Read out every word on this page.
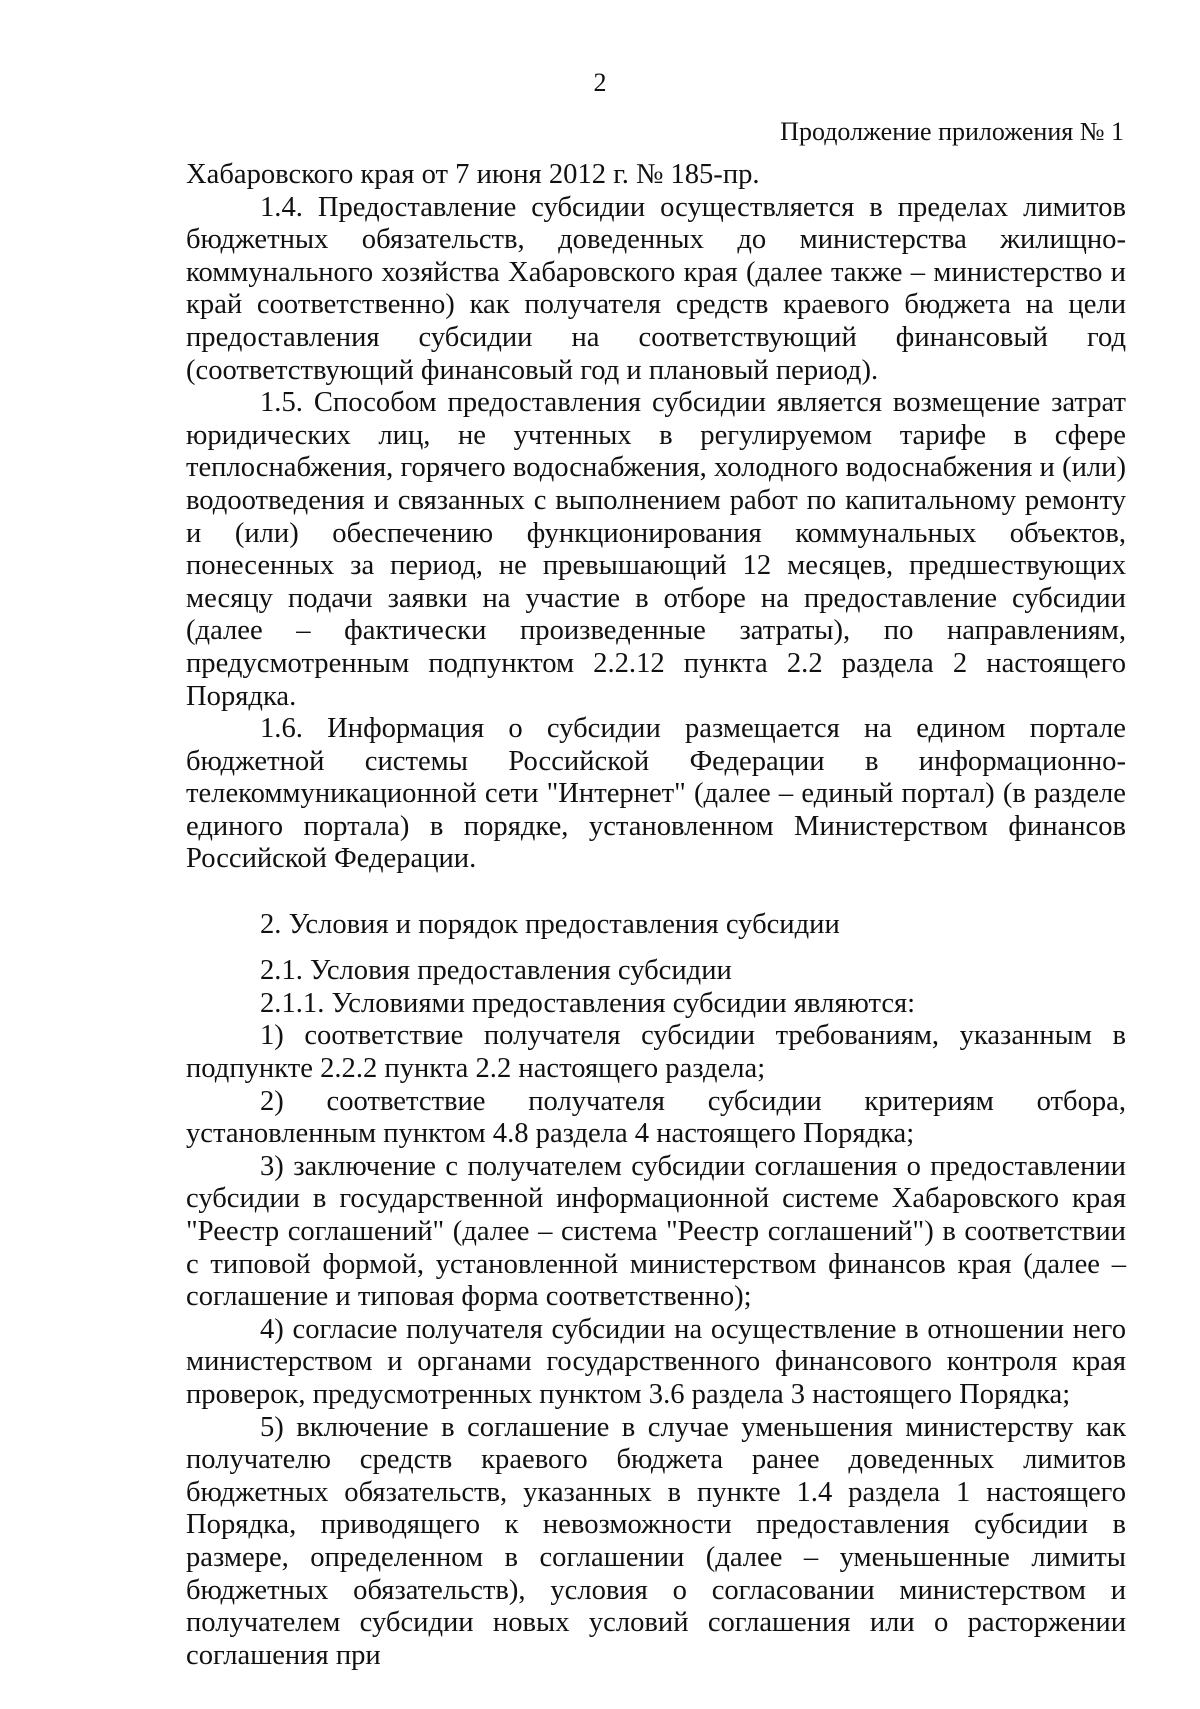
2
Продолжение приложения № 1

Хабаровского края от 7 июня 2012 г. № 185-пр.

1.4. Предоставление субсидии осуществляется в пределах лимитов бюджетных обязательств, доведенных до министерства жилищно-коммунального хозяйства Хабаровского края (далее также – министерство и край соответственно) как получателя средств краевого бюджета на цели предоставления субсидии на соответствующий финансовый год (соответствующий финансовый год и плановый период).

1.5. Способом предоставления субсидии является возмещение затрат юридических лиц, не учтенных в регулируемом тарифе в сфере теплоснабжения, горячего водоснабжения, холодного водоснабжения и (или) водоотведения и связанных с выполнением работ по капитальному ремонту и (или) обеспечению функционирования коммунальных объектов, понесенных за период, не превышающий 12 месяцев, предшествующих месяцу подачи заявки на участие в отборе на предоставление субсидии (далее – фактически произведенные затраты), по направлениям, предусмотренным подпунктом 2.2.12 пункта 2.2 раздела 2 настоящего Порядка.

1.6. Информация о субсидии размещается на едином портале бюджетной системы Российской Федерации в информационно-телекоммуникационной сети "Интернет" (далее – единый портал) (в разделе единого портала) в порядке, установленном Министерством финансов Российской Федерации.

2. Условия и порядок предоставления субсидии

2.1. Условия предоставления субсидии

2.1.1. Условиями предоставления субсидии являются:

1) соответствие получателя субсидии требованиям, указанным в подпункте 2.2.2 пункта 2.2 настоящего раздела;

2) соответствие получателя субсидии критериям отбора, установленным пунктом 4.8 раздела 4 настоящего Порядка;

3) заключение с получателем субсидии соглашения о предоставлении субсидии в государственной информационной системе Хабаровского края "Реестр соглашений" (далее – система "Реестр соглашений") в соответствии с типовой формой, установленной министерством финансов края (далее – соглашение и типовая форма соответственно);

4) согласие получателя субсидии на осуществление в отношении него министерством и органами государственного финансового контроля края проверок, предусмотренных пунктом 3.6 раздела 3 настоящего Порядка;

5) включение в соглашение в случае уменьшения министерству как получателю средств краевого бюджета ранее доведенных лимитов бюджетных обязательств, указанных в пункте 1.4 раздела 1 настоящего Порядка, приводящего к невозможности предоставления субсидии в размере, определенном в соглашении (далее – уменьшенные лимиты бюджетных обязательств), условия о согласовании министерством и получателем субсидии новых условий соглашения или о расторжении соглашения при
